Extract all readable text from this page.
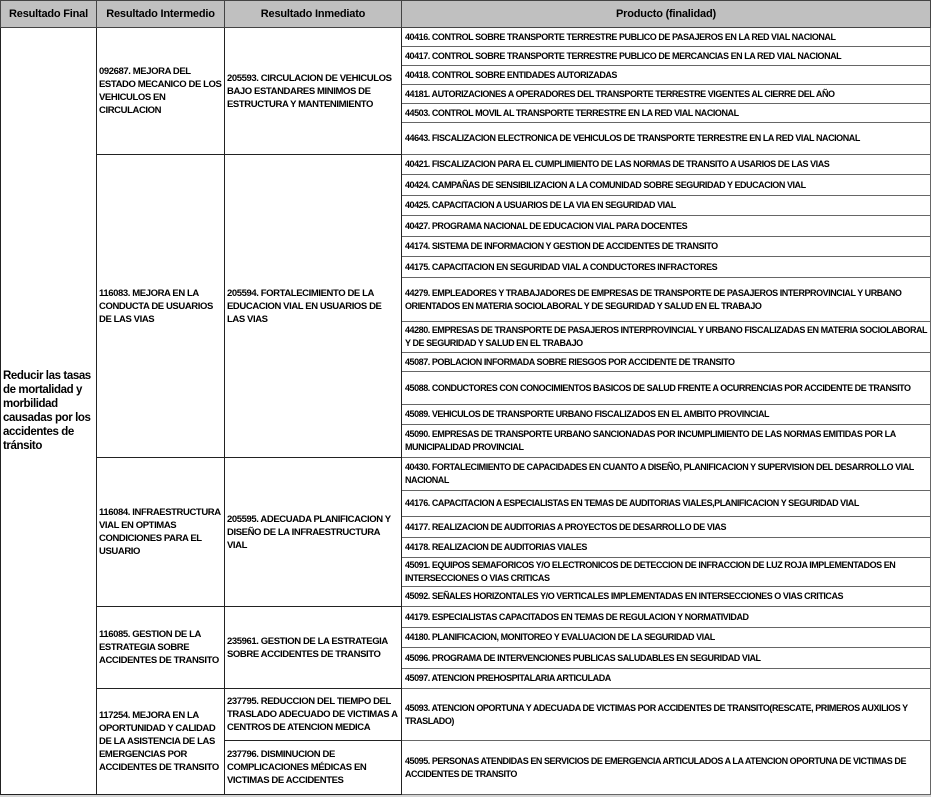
Resultado Final	Resultado Intermedio	Resultado Inmediato	Producto (finalidad)
Reducir las tasas de mortalidad y morbilidad causadas por los accidentes de tránsito	092687. MEJORA DEL ESTADO MECANICO DE LOS VEHICULOS EN CIRCULACION	205593. CIRCULACION DE VEHICULOS BAJO ESTANDARES MINIMOS DE ESTRUCTURA Y MANTENIMIENTO	40416. CONTROL SOBRE TRANSPORTE TERRESTRE PUBLICO DE PASAJEROS EN LA RED VIAL NACIONAL
			40417. CONTROL SOBRE TRANSPORTE TERRESTRE PUBLICO DE MERCANCIAS EN LA RED VIAL NACIONAL
			40418. CONTROL SOBRE ENTIDADES AUTORIZADAS
			44181. AUTORIZACIONES A OPERADORES DEL TRANSPORTE TERRESTRE VIGENTES AL CIERRE DEL AÑO
			44503. CONTROL MOVIL AL TRANSPORTE TERRESTRE EN LA RED VIAL NACIONAL
			44643. FISCALIZACION ELECTRONICA DE VEHICULOS DE TRANSPORTE TERRESTRE EN LA RED VIAL NACIONAL
	116083. MEJORA EN LA CONDUCTA DE USUARIOS DE LAS VIAS	205594. FORTALECIMIENTO DE LA EDUCACION VIAL EN USUARIOS DE LAS VIAS	40421. FISCALIZACION PARA EL CUMPLIMIENTO DE LAS NORMAS DE TRANSITO A USARIOS DE LAS VIAS
			40424. CAMPAÑAS DE SENSIBILIZACION A LA COMUNIDAD SOBRE SEGURIDAD Y EDUCACION VIAL
			40425. CAPACITACION A USUARIOS DE LA VIA EN SEGURIDAD VIAL
			40427. PROGRAMA NACIONAL DE EDUCACION VIAL PARA DOCENTES
			44174. SISTEMA DE INFORMACION Y GESTION DE ACCIDENTES DE TRANSITO
			44175. CAPACITACION EN SEGURIDAD VIAL A CONDUCTORES INFRACTORES
			44279. EMPLEADORES Y TRABAJADORES DE EMPRESAS DE TRANSPORTE DE PASAJEROS INTERPROVINCIAL Y URBANO ORIENTADOS EN MATERIA SOCIOLABORAL Y DE SEGURIDAD Y SALUD EN EL TRABAJO
			44280. EMPRESAS DE TRANSPORTE DE PASAJEROS INTERPROVINCIAL Y URBANO FISCALIZADAS EN MATERIA SOCIOLABORAL Y DE SEGURIDAD Y SALUD EN EL TRABAJO
			45087. POBLACION INFORMADA SOBRE RIESGOS POR ACCIDENTE DE TRANSITO
			45088. CONDUCTORES CON CONOCIMIENTOS BASICOS DE SALUD FRENTE A OCURRENCIAS POR ACCIDENTE DE TRANSITO
			45089. VEHICULOS DE TRANSPORTE URBANO FISCALIZADOS EN EL AMBITO PROVINCIAL
			45090. EMPRESAS DE TRANSPORTE URBANO SANCIONADAS POR INCUMPLIMIENTO DE LAS NORMAS EMITIDAS POR LA MUNICIPALIDAD PROVINCIAL
	116084. INFRAESTRUCTURA VIAL EN OPTIMAS CONDICIONES PARA EL USUARIO	205595. ADECUADA PLANIFICACION Y DISEÑO DE LA INFRAESTRUCTURA VIAL	40430. FORTALECIMIENTO DE CAPACIDADES EN CUANTO A DISEÑO, PLANIFICACION Y SUPERVISION DEL DESARROLLO VIAL NACIONAL
			44176. CAPACITACION A ESPECIALISTAS EN TEMAS DE AUDITORIAS VIALES,PLANIFICACION Y SEGURIDAD VIAL
			44177. REALIZACION DE AUDITORIAS A PROYECTOS DE DESARROLLO DE VIAS
			44178. REALIZACION DE AUDITORIAS VIALES
			45091. EQUIPOS SEMAFORICOS Y/O ELECTRONICOS DE DETECCION DE INFRACCION DE LUZ ROJA IMPLEMENTADOS EN INTERSECCIONES O VIAS CRITICAS
			45092. SEÑALES HORIZONTALES Y/O VERTICALES IMPLEMENTADAS EN INTERSECCIONES O VIAS CRITICAS
	116085. GESTION DE LA ESTRATEGIA SOBRE ACCIDENTES DE TRANSITO	235961. GESTION DE LA ESTRATEGIA SOBRE ACCIDENTES DE TRANSITO	44179. ESPECIALISTAS CAPACITADOS EN TEMAS DE REGULACION Y NORMATIVIDAD
			44180. PLANIFICACION, MONITOREO Y EVALUACION DE LA SEGURIDAD VIAL
			45096. PROGRAMA DE INTERVENCIONES PUBLICAS SALUDABLES EN SEGURIDAD VIAL
			45097. ATENCION PREHOSPITALARIA ARTICULADA
	117254. MEJORA EN LA OPORTUNIDAD Y CALIDAD DE LA ASISTENCIA DE LAS EMERGENCIAS POR ACCIDENTES DE TRANSITO	237795. REDUCCION DEL TIEMPO DEL TRASLADO ADECUADO DE VICTIMAS A CENTROS DE ATENCION MEDICA	45093. ATENCION OPORTUNA Y ADECUADA DE VICTIMAS POR ACCIDENTES DE TRANSITO(RESCATE, PRIMEROS AUXILIOS Y TRASLADO)
		237796. DISMINUCION DE COMPLICACIONES MÉDICAS EN VICTIMAS DE ACCIDENTES	45095. PERSONAS ATENDIDAS EN SERVICIOS DE EMERGENCIA ARTICULADOS A LA ATENCION OPORTUNA DE VICTIMAS DE ACCIDENTES DE TRANSITO
